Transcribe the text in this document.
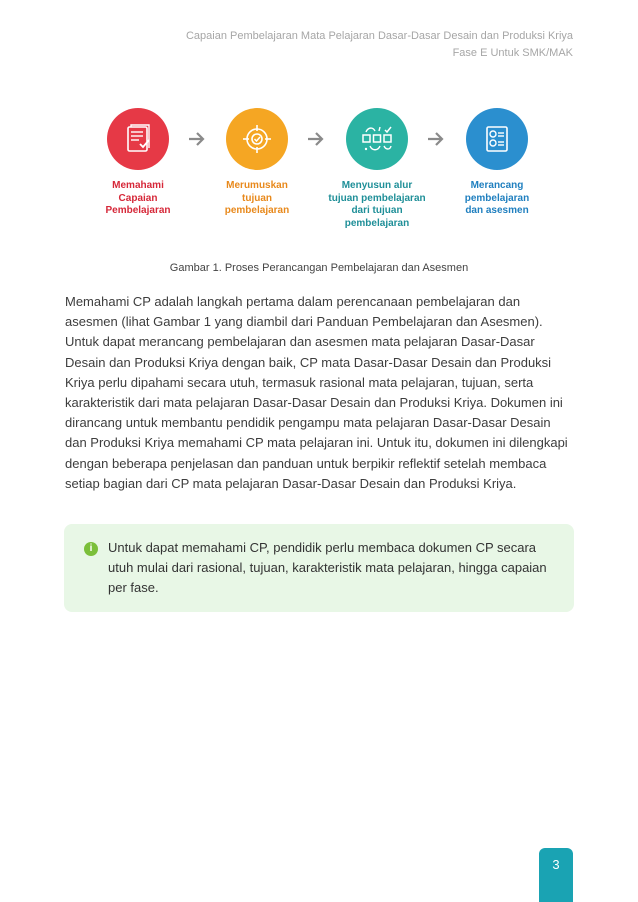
Capaian Pembelajaran Mata Pelajaran Dasar-Dasar Desain dan Produksi Kriya
Fase E Untuk SMK/MAK
Memahami
Capaian
Pembelajaran
Merumuskan
tujuan
pembelajaran
Menyusun alur
tujuan pembelajaran
dari tujuan
pembelajaran
Merancang
pembelajaran
dan asesmen
Gambar 1. Proses Perancangan Pembelajaran dan Asesmen

Memahami CP adalah langkah pertama dalam perencanaan pembelajaran dan asesmen (lihat Gambar 1 yang diambil dari Panduan Pembelajaran dan Asesmen). Untuk dapat merancang pembelajaran dan asesmen mata pelajaran Dasar-Dasar Desain dan Produksi Kriya dengan baik, CP mata Dasar-Dasar Desain dan Produksi Kriya perlu dipahami secara utuh, termasuk rasional mata pelajaran, tujuan, serta karakteristik dari mata pelajaran Dasar-Dasar Desain dan Produksi Kriya. Dokumen ini dirancang untuk membantu pendidik pengampu mata pelajaran Dasar-Dasar Desain dan Produksi Kriya memahami CP mata pelajaran ini. Untuk itu, dokumen ini dilengkapi dengan beberapa penjelasan dan panduan untuk berpikir reflektif setelah membaca setiap bagian dari CP mata pelajaran Dasar-Dasar Desain dan Produksi Kriya.

i	Untuk dapat memahami CP, pendidik perlu membaca dokumen CP secara utuh mulai dari rasional, tujuan, karakteristik mata pelajaran, hingga capaian per fase.

3
